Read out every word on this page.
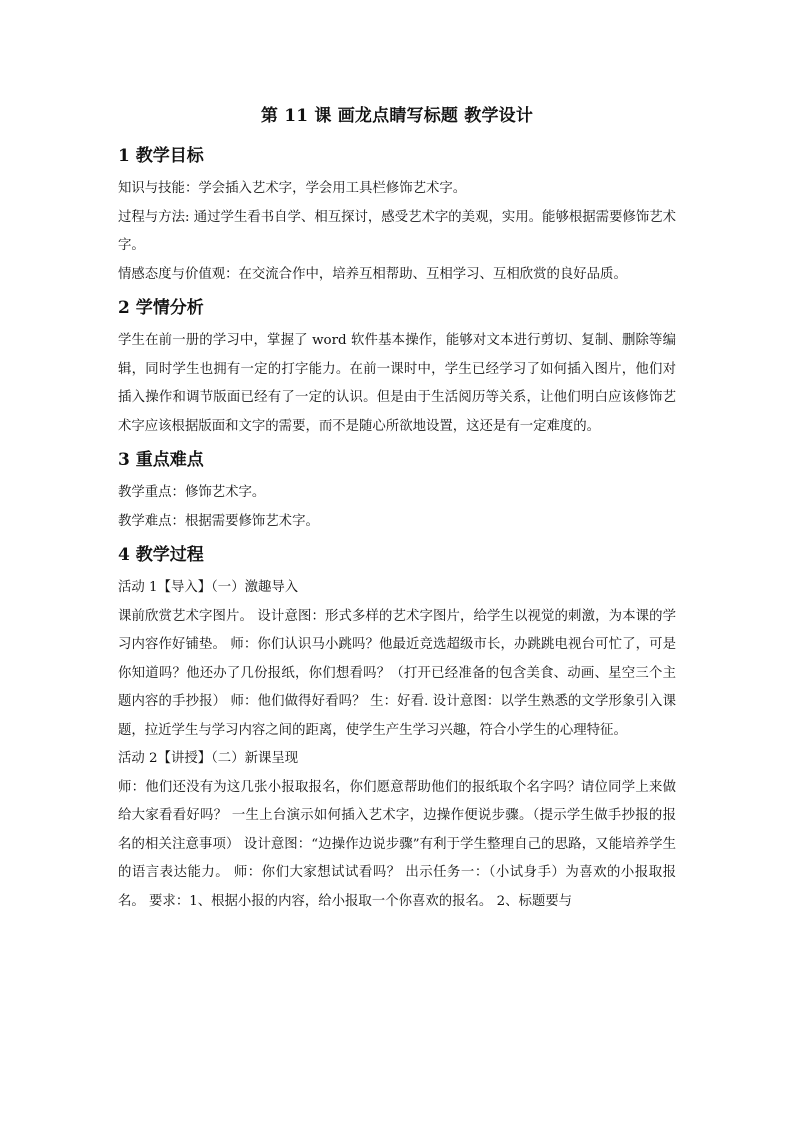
第 11 课 画龙点睛写标题 教学设计
1 教学目标

知识与技能：学会插入艺术字，学会用工具栏修饰艺术字。

过程与方法: 通过学生看书自学、相互探讨，感受艺术字的美观，实用。能够根据需要修饰艺术字。

情感态度与价值观：在交流合作中，培养互相帮助、互相学习、互相欣赏的良好品质。

2 学情分析

学生在前一册的学习中，掌握了 word 软件基本操作，能够对文本进行剪切、复制、删除等编辑，同时学生也拥有一定的打字能力。在前一课时中，学生已经学习了如何插入图片，他们对插入操作和调节版面已经有了一定的认识。但是由于生活阅历等关系，让他们明白应该修饰艺术字应该根据版面和文字的需要，而不是随心所欲地设置，这还是有一定难度的。

3 重点难点

教学重点：修饰艺术字。

教学难点：根据需要修饰艺术字。

4 教学过程

活动 1【导入】（一）激趣导入

课前欣赏艺术字图片。 设计意图：形式多样的艺术字图片，给学生以视觉的刺激，为本课的学习内容作好铺垫。 师：你们认识马小跳吗？他最近竞选超级市长，办跳跳电视台可忙了，可是你知道吗？他还办了几份报纸，你们想看吗？（打开已经准备的包含美食、动画、星空三个主题内容的手抄报） 师：他们做得好看吗？ 生：好看. 设计意图：以学生熟悉的文学形象引入课题，拉近学生与学习内容之间的距离，使学生产生学习兴趣，符合小学生的心理特征。

活动 2【讲授】（二）新课呈现

师：他们还没有为这几张小报取报名，你们愿意帮助他们的报纸取个名字吗？请位同学上来做给大家看看好吗？ 一生上台演示如何插入艺术字，边操作便说步骤。（提示学生做手抄报的报名的相关注意事项） 设计意图：“边操作边说步骤”有利于学生整理自己的思路，又能培养学生的语言表达能力。 师：你们大家想试试看吗？ 出示任务一：（小试身手）为喜欢的小报取报名。 要求：1、根据小报的内容，给小报取一个你喜欢的报名。 2、标题要与
